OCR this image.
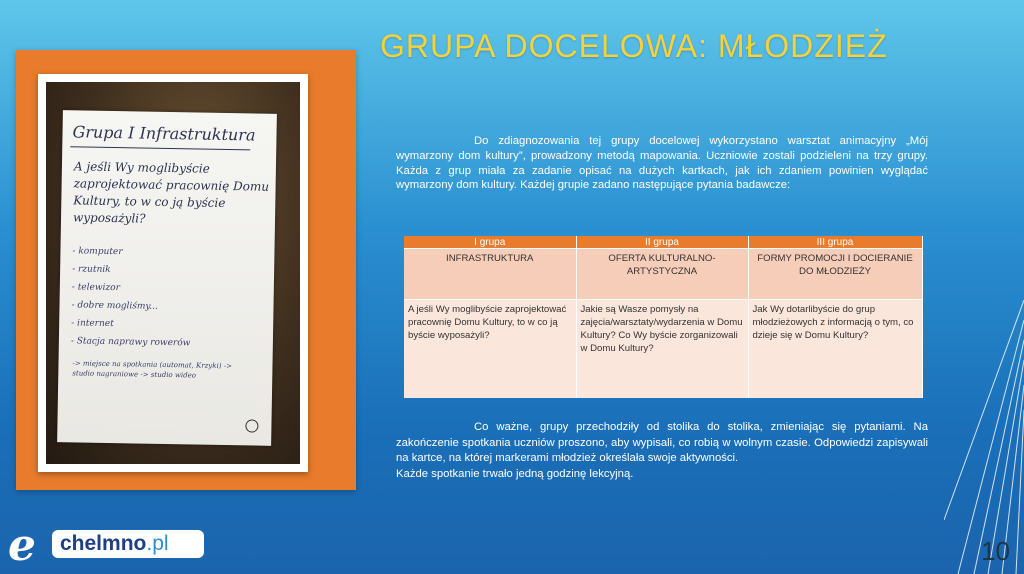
Grupa I Infrastruktura
A jeśli Wy moglibyście zaprojektować pracownię Domu Kultury, to w co ją byście wyposażyli?
- komputer
- rzutnik
- telewizor
- dobre mogliśmy...
- internet
- Stacja naprawy rowerów
-> miejsce na spotkania (automat, Krzyki) -> studio nagraniowe -> studio wideo
GRUPA DOCELOWA: MŁODZIEŻ
Do zdiagnozowania tej grupy docelowej wykorzystano warsztat animacyjny „Mój wymarzony dom kultury”, prowadzony metodą mapowania. Uczniowie zostali podzieleni na trzy grupy. Każda z grup miała za zadanie opisać na dużych kartkach, jak ich zdaniem powinien wyglądać wymarzony dom kultury. Każdej grupie zadano następujące pytania badawcze:
I grupa	II grupa	III grupa
INFRASTRUKTURA	OFERTA KULTURALNO-ARTYSTYCZNA	FORMY PROMOCJI I DOCIERANIE DO MŁODZIEŻY
A jeśli Wy moglibyście zaprojektować pracownię Domu Kultury, to w co ją byście wyposażyli?	Jakie są Wasze pomysły na zajęcia/warsztaty/wydarzenia w Domu Kultury? Co Wy byście zorganizowali w Domu Kultury?	Jak Wy dotarlibyście do grup młodzieżowych z informacją o tym, co dzieje się w Domu Kultury?

Co ważne, grupy przechodziły od stolika do stolika, zmieniając się pytaniami. Na zakończenie spotkania uczniów proszono, aby wypisali, co robią w wolnym czasie. Odpowiedzi zapisywali na kartce, na której markerami młodzież określała swoje aktywności.

Każde spotkanie trwało jedną godzinę lekcyjną.

e	chelmno.pl	10
